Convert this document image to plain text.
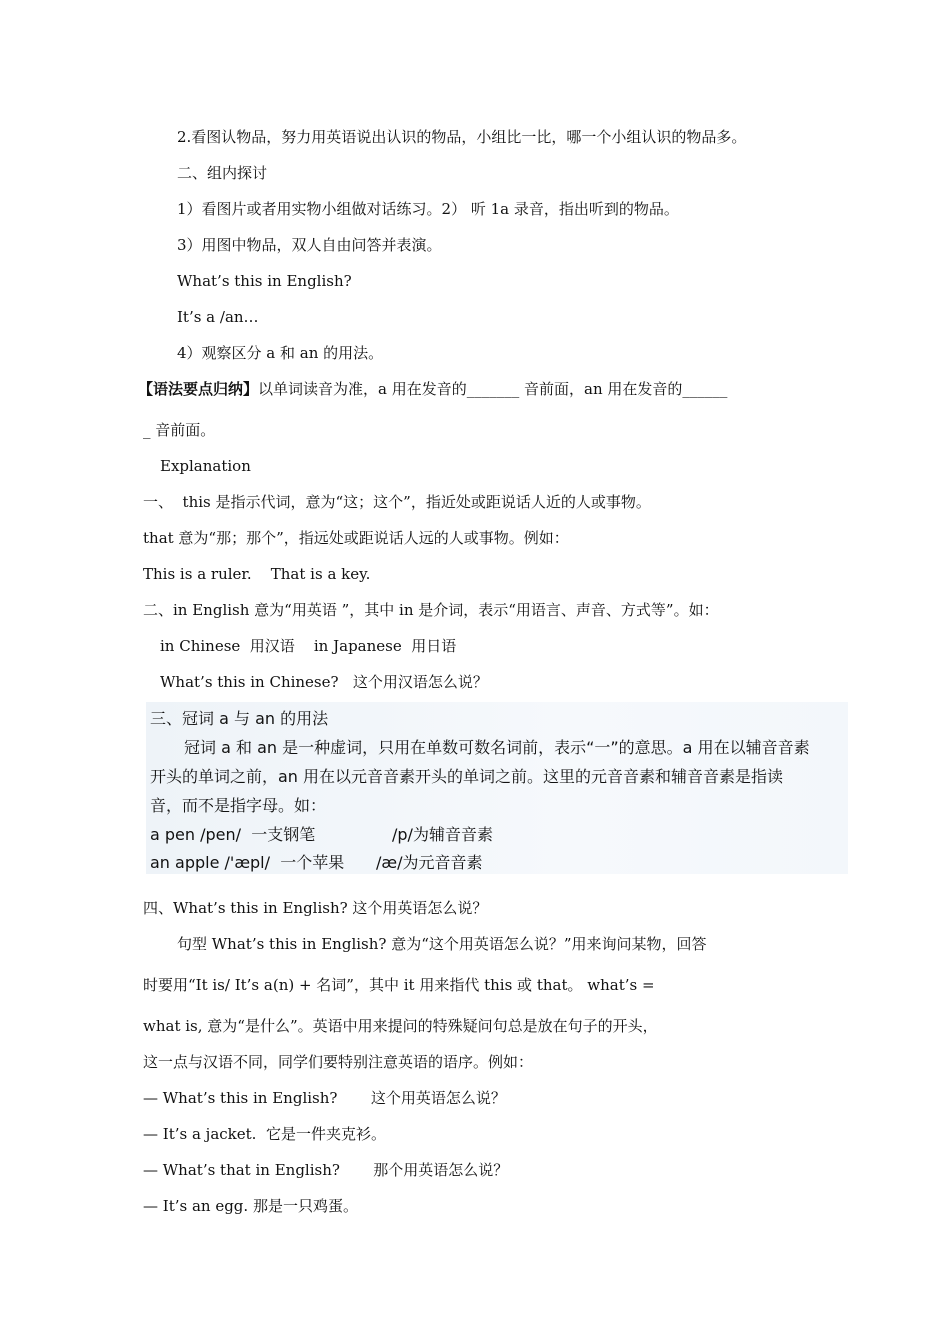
2.看图认物品，努力用英语说出认识的物品，小组比一比，哪一个小组认识的物品多。
二、组内探讨
1）看图片或者用实物小组做对话练习。2） 听 1a 录音，指出听到的物品。
3）用图中物品，双人自由问答并表演。
What’s this in English?
It’s a /an…
4）观察区分 a 和 an 的用法。
【语法要点归纳】以单词读音为准，a 用在发音的_______ 音前面，an 用在发音的______
_ 音前面。
Explanation
一、  this 是指示代词，意为“这；这个”，指近处或距说话人近的人或事物。
that 意为“那；那个”，指远处或距说话人远的人或事物。例如：
This is a ruler.    That is a key.
二、in English 意为“用英语 ”，其中 in 是介词，表示“用语言、声音、方式等”。如：
in Chinese  用汉语    in Japanese  用日语
What’s this in Chinese?   这个用汉语怎么说？
三、冠词 a 与 an 的用法
冠词 a 和 an 是一种虚词，只用在单数可数名词前，表示“一”的意思。a 用在以辅音音素
开头的单词之前，an 用在以元音音素开头的单词之前。这里的元音音素和辅音音素是指读
音，而不是指字母。如：
a pen /pen/  一支钢笔	/p/为辅音音素
an apple /'æpl/  一个苹果 /æ/为元音音素
四、What’s this in English? 这个用英语怎么说？
句型 What’s this in English? 意为“这个用英语怎么说？”用来询问某物，回答
时要用“It is/ It’s a(n) + 名词”，其中 it 用来指代 this 或 that。 what’s =
what is, 意为“是什么”。英语中用来提问的特殊疑问句总是放在句子的开头，
这一点与汉语不同，同学们要特别注意英语的语序。例如：
— What’s this in English?       这个用英语怎么说？
— It’s a jacket.  它是一件夹克衫。
— What’s that in English?       那个用英语怎么说？
— It’s an egg. 那是一只鸡蛋。
